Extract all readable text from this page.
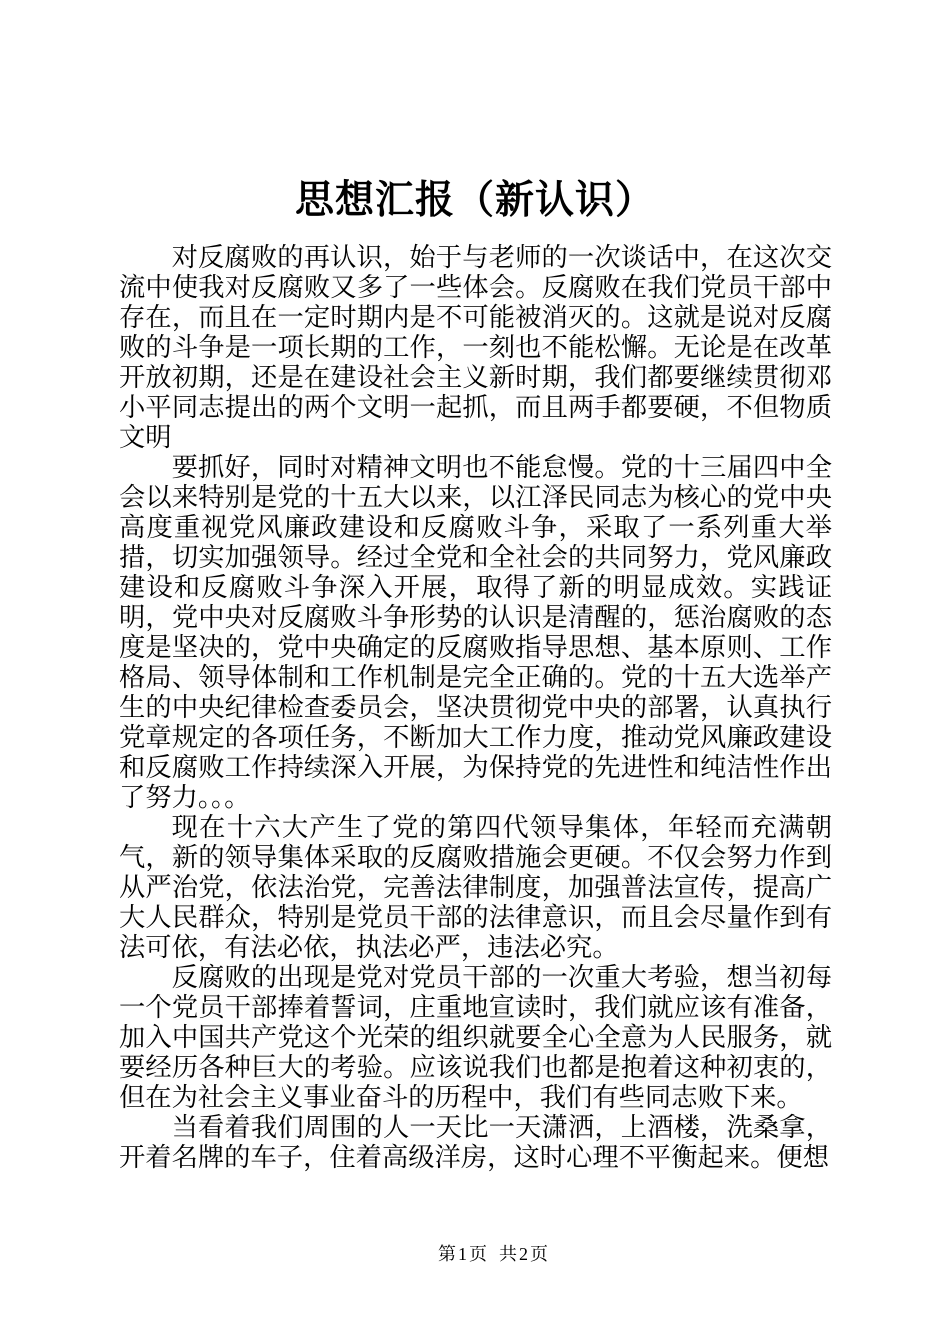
思想汇报（新认识）

对反腐败的再认识，始于与老师的一次谈话中，在这次交流中使我对反腐败又多了一些体会。反腐败在我们党员干部中存在，而且在一定时期内是不可能被消灭的。这就是说对反腐败的斗争是一项长期的工作，一刻也不能松懈。无论是在改革开放初期，还是在建设社会主义新时期，我们都要继续贯彻邓小平同志提出的两个文明一起抓，而且两手都要硬，不但物质文明

要抓好，同时对精神文明也不能怠慢。党的十三届四中全会以来特别是党的十五大以来，以江泽民同志为核心的党中央高度重视党风廉政建设和反腐败斗争，采取了一系列重大举措，切实加强领导。经过全党和全社会的共同努力，党风廉政建设和反腐败斗争深入开展，取得了新的明显成效。实践证明，党中央对反腐败斗争形势的认识是清醒的，惩治腐败的态度是坚决的，党中央确定的反腐败指导思想、基本原则、工作格局、领导体制和工作机制是完全正确的。党的十五大选举产生的中央纪律检查委员会，坚决贯彻党中央的部署，认真执行党章规定的各项任务，不断加大工作力度，推动党风廉政建设和反腐败工作持续深入开展，为保持党的先进性和纯洁性作出了努力。。。

现在十六大产生了党的第四代领导集体，年轻而充满朝气，新的领导集体采取的反腐败措施会更硬。不仅会努力作到从严治党，依法治党，完善法律制度，加强普法宣传，提高广大人民群众，特别是党员干部的法律意识，而且会尽量作到有法可依，有法必依，执法必严，违法必究。

反腐败的出现是党对党员干部的一次重大考验，想当初每一个党员干部捧着誓词，庄重地宣读时，我们就应该有准备，加入中国共产党这个光荣的组织就要全心全意为人民服务，就要经历各种巨大的考验。应该说我们也都是抱着这种初衷的，但在为社会主义事业奋斗的历程中，我们有些同志败下来。

当看着我们周围的人一天比一天潇洒，上酒楼，洗桑拿，开着名牌的车子，住着高级洋房，这时心理不平衡起来。便想

第1页 共2页
